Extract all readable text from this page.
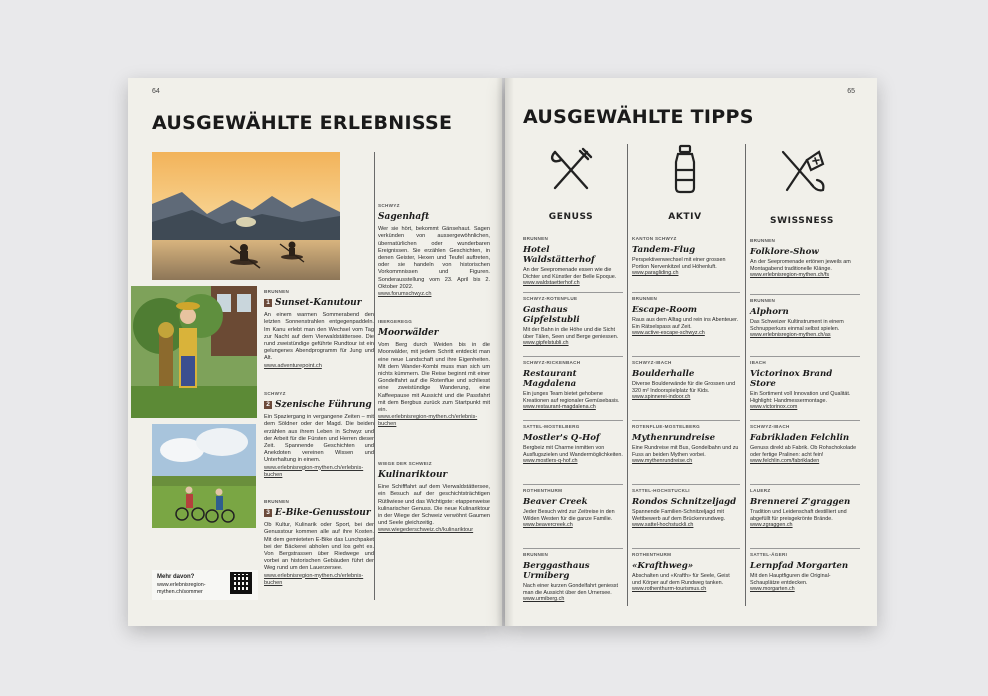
64
AUSGEWÄHLTE ERLEBNISSE
BRUNNEN
1 Sunset-Kanutour
An einem warmen Sommerabend den letzten Sonnenstrahlen entgegenpaddeln. Im Kanu erlebt man den Wechsel vom Tag zur Nacht auf dem Vierwaldstättersee. Die rund zweistündige geführte Rundtour ist ein gelungenes Abendprogramm für Jung und Alt.
www.adventurepoint.ch
SCHWYZ
2 Szenische Führung
Ein Spaziergang in vergangene Zeiten – mit dem Söldner oder der Magd. Die beiden erzählen aus ihrem Leben in Schwyz und der Arbeit für die Fürsten und Herren dieser Zeit. Spannende Geschichten und Anekdoten vereinen Wissen und Unterhaltung in einem.
www.erlebnisregion-mythen.ch/erlebnis-buchen
BRUNNEN
3 E-Bike-Genusstour
Ob Kultur, Kulinarik oder Sport, bei der Genusstour kommen alle auf ihre Kosten. Mit dem gemieteten E-Bike das Lunchpaket bei der Bäckerei abholen und los geht es. Von Bergstrassen über Riedwege und vorbei an historischen Gebäuden führt der Weg rund um den Lauerzersee.
www.erlebnisregion-mythen.ch/erlebnis-buchen
SCHWYZ
Sagenhaft
Wer sie hört, bekommt Gänsehaut. Sagen verkünden von aussergewöhnlichen, übernatürlichen oder wunderbaren Ereignissen. Sie erzählen Geschichten, in denen Geister, Hexen und Teufel auftreten, oder sie handeln von historischen Vorkommnissen und Figuren. Sonderausstellung vom 23. April bis 2. Oktober 2022.
www.forumschwyz.ch
IBERGEREGG
Moorwälder
Vom Berg durch Weiden bis in die Moorwälder, mit jedem Schritt entdeckt man eine neue Landschaft und ihre Eigenheiten. Mit dem Wander-Kombi muss man sich um nichts kümmern. Die Reise beginnt mit einer Gondelfahrt auf die Rotenflue und schliesst eine zweistündige Wanderung, eine Kaffeepause mit Aussicht und die Passfahrt mit dem Bergbus zurück zum Startpunkt mit ein.
www.erlebnisregion-mythen.ch/erlebnis-buchen
WIEGE DER SCHWEIZ
Kulinariktour
Eine Schifffahrt auf dem Vierwaldstättersee, ein Besuch auf der geschichtsträchtigen Rütliwiese und das Wichtigste: etappenweise kulinarischer Genuss. Die neue Kulinariktour in der Wiege der Schweiz verwöhnt Gaumen und Seele gleichzeitig.
www.wiegederschweiz.ch/kulinariktour
Mehr davon?
www.erlebnisregion-mythen.ch/sommer
65
AUSGEWÄHLTE TIPPS
GENUSS	AKTIV	SWISSNESS
BRUNNEN
Hotel Waldstätterhof
An der Seepromenade essen wie die Dichter und Künstler der Belle Epoque.
www.waldstaetterhof.ch
SCHWYZ-ROTENFLUE
Gasthaus Gipfelstubli
Mit der Bahn in die Höhe und die Sicht über Tälen, Seen und Berge geniessen.
www.gipfelstubli.ch
SCHWYZ-RICKENBACH
Restaurant Magdalena
Ein junges Team bietet gehobene Kreationen auf regionaler Gemüsebasis.
www.restaurant-magdalena.ch
SATTEL-MOSTELBERG
Mostler's Q-Hof
Bergbeiz mit Charme inmitten von Ausflugszielen und Wandermöglichkeiten.
www.mostlers-q-hof.ch
ROTHENTHURM
Beaver Creek
Jeder Besuch wird zur Zeitreise in den Wilden Westen für die ganze Familie.
www.beavercreek.ch
BRUNNEN
Berggasthaus Urmiberg
Nach einer kurzen Gondelfahrt geniesst man die Aussicht über den Urnersee.
www.urmiberg.ch
KANTON SCHWYZ
Tandem-Flug
Perspektivenwechsel mit einer grossen Portion Nervenkitzel und Höhenluft.
www.paragliding.ch
BRUNNEN
Escape-Room
Raus aus dem Alltag und rein ins Abenteuer. Ein Rätselspass auf Zeit.
www.active-escape-schwyz.ch
SCHWYZ-IBACH
Boulderhalle
Diverse Boulderwände für die Grossen und 320 m² Indoorspielplatz für Kids.
www.spinnerei-indoor.ch
ROTENFLUE-MOSTELBERG
Mythenrundreise
Eine Rundreise mit Bus, Gondelbahn und zu Fuss an beiden Mythen vorbei.
www.mythenrundreise.ch
SATTEL-HOCHSTUCKLI
Rondos Schnitzeljagd
Spannende Familien-Schnitzeljagd mit Wettbewerb auf dem Brückenrundweg.
www.sattel-hochstuckli.ch
ROTHENTHURM
«Krafthweg»
Abschalten und «Krafth» für Seele, Geist und Körper auf dem Rundweg tanken.
www.rothenthurm-tourismus.ch
BRUNNEN
Folklore-Show
An der Seepromenade ertönen jeweils am Montagabend traditionelle Klänge.
www.erlebnisregion-mythen.ch/fs
BRUNNEN
Alphorn
Das Schweizer Kultinstrument in einem Schnupperkurs einmal selbst spielen.
www.erlebnisregion-mythen.ch/as
IBACH
Victorinox Brand Store
Ein Sortiment voll Innovation und Qualität. Highlight: Handmessermontage.
www.victorinox.com
SCHWYZ-IBACH
Fabrikladen Felchlin
Genuss direkt ab Fabrik. Ob Rohschokolade oder fertige Pralinen: acht fein!
www.felchlin.com/fabrikladen
LAUERZ
Brennerei Z'graggen
Tradition und Leidenschaft destilliert und abgefüllt für preisgekrönte Brände.
www.zgraggen.ch
SATTEL-ÄGERI
Lernpfad Morgarten
Mit den Hauptfiguren die Original-Schauplätze entdecken.
www.morgarten.ch
